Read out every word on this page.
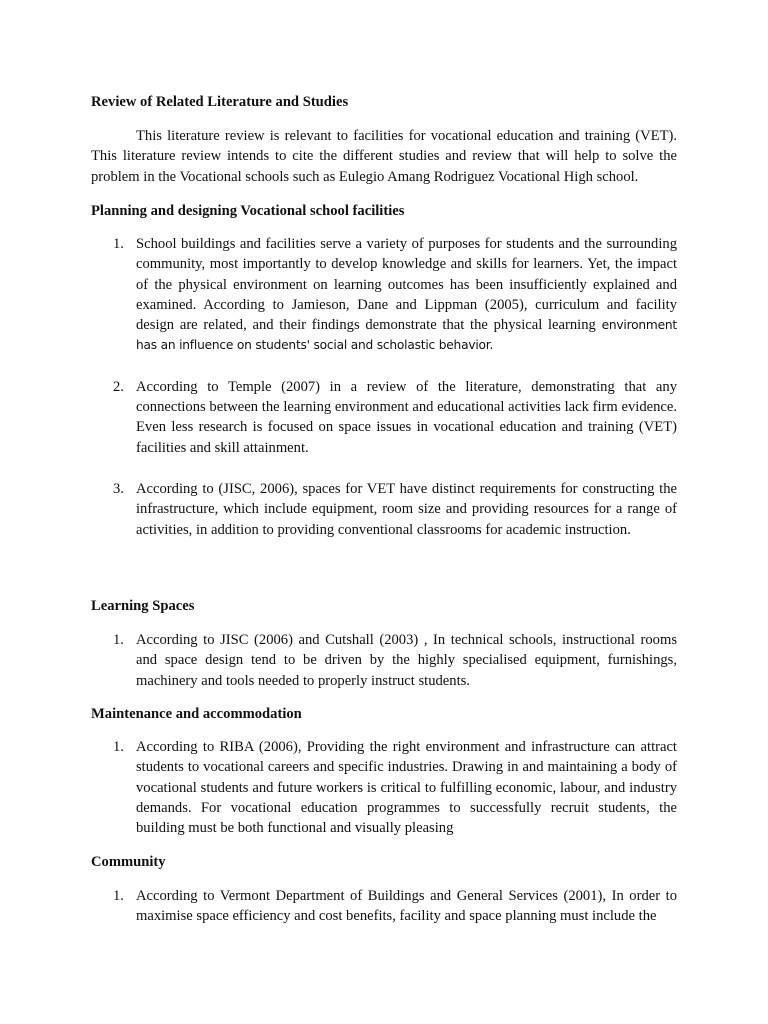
Review of Related Literature and Studies

This literature review is relevant to facilities for vocational education and training (VET). This literature review intends to cite the different studies and review that will help to solve the problem in the Vocational schools such as Eulegio Amang Rodriguez Vocational High school.

Planning and designing Vocational school facilities
1. School buildings and facilities serve a variety of purposes for students and the surrounding community, most importantly to develop knowledge and skills for learners. Yet, the impact of the physical environment on learning outcomes has been insufficiently explained and examined. According to Jamieson, Dane and Lippman (2005), curriculum and facility design are related, and their findings demonstrate that the physical learning environment has an influence on students' social and scholastic behavior.
2. According to Temple (2007) in a review of the literature, demonstrating that any connections between the learning environment and educational activities lack firm evidence. Even less research is focused on space issues in vocational education and training (VET) facilities and skill attainment.
3. According to (JISC, 2006), spaces for VET have distinct requirements for constructing the infrastructure, which include equipment, room size and providing resources for a range of activities, in addition to providing conventional classrooms for academic instruction.
Learning Spaces
1. According to JISC (2006) and Cutshall (2003) , In technical schools, instructional rooms and space design tend to be driven by the highly specialised equipment, furnishings, machinery and tools needed to properly instruct students.
Maintenance and accommodation
1. According to RIBA (2006), Providing the right environment and infrastructure can attract students to vocational careers and specific industries. Drawing in and maintaining a body of vocational students and future workers is critical to fulfilling economic, labour, and industry demands. For vocational education programmes to successfully recruit students, the building must be both functional and visually pleasing
Community
1. According to Vermont Department of Buildings and General Services (2001), In order to maximise space efficiency and cost benefits, facility and space planning must include the
